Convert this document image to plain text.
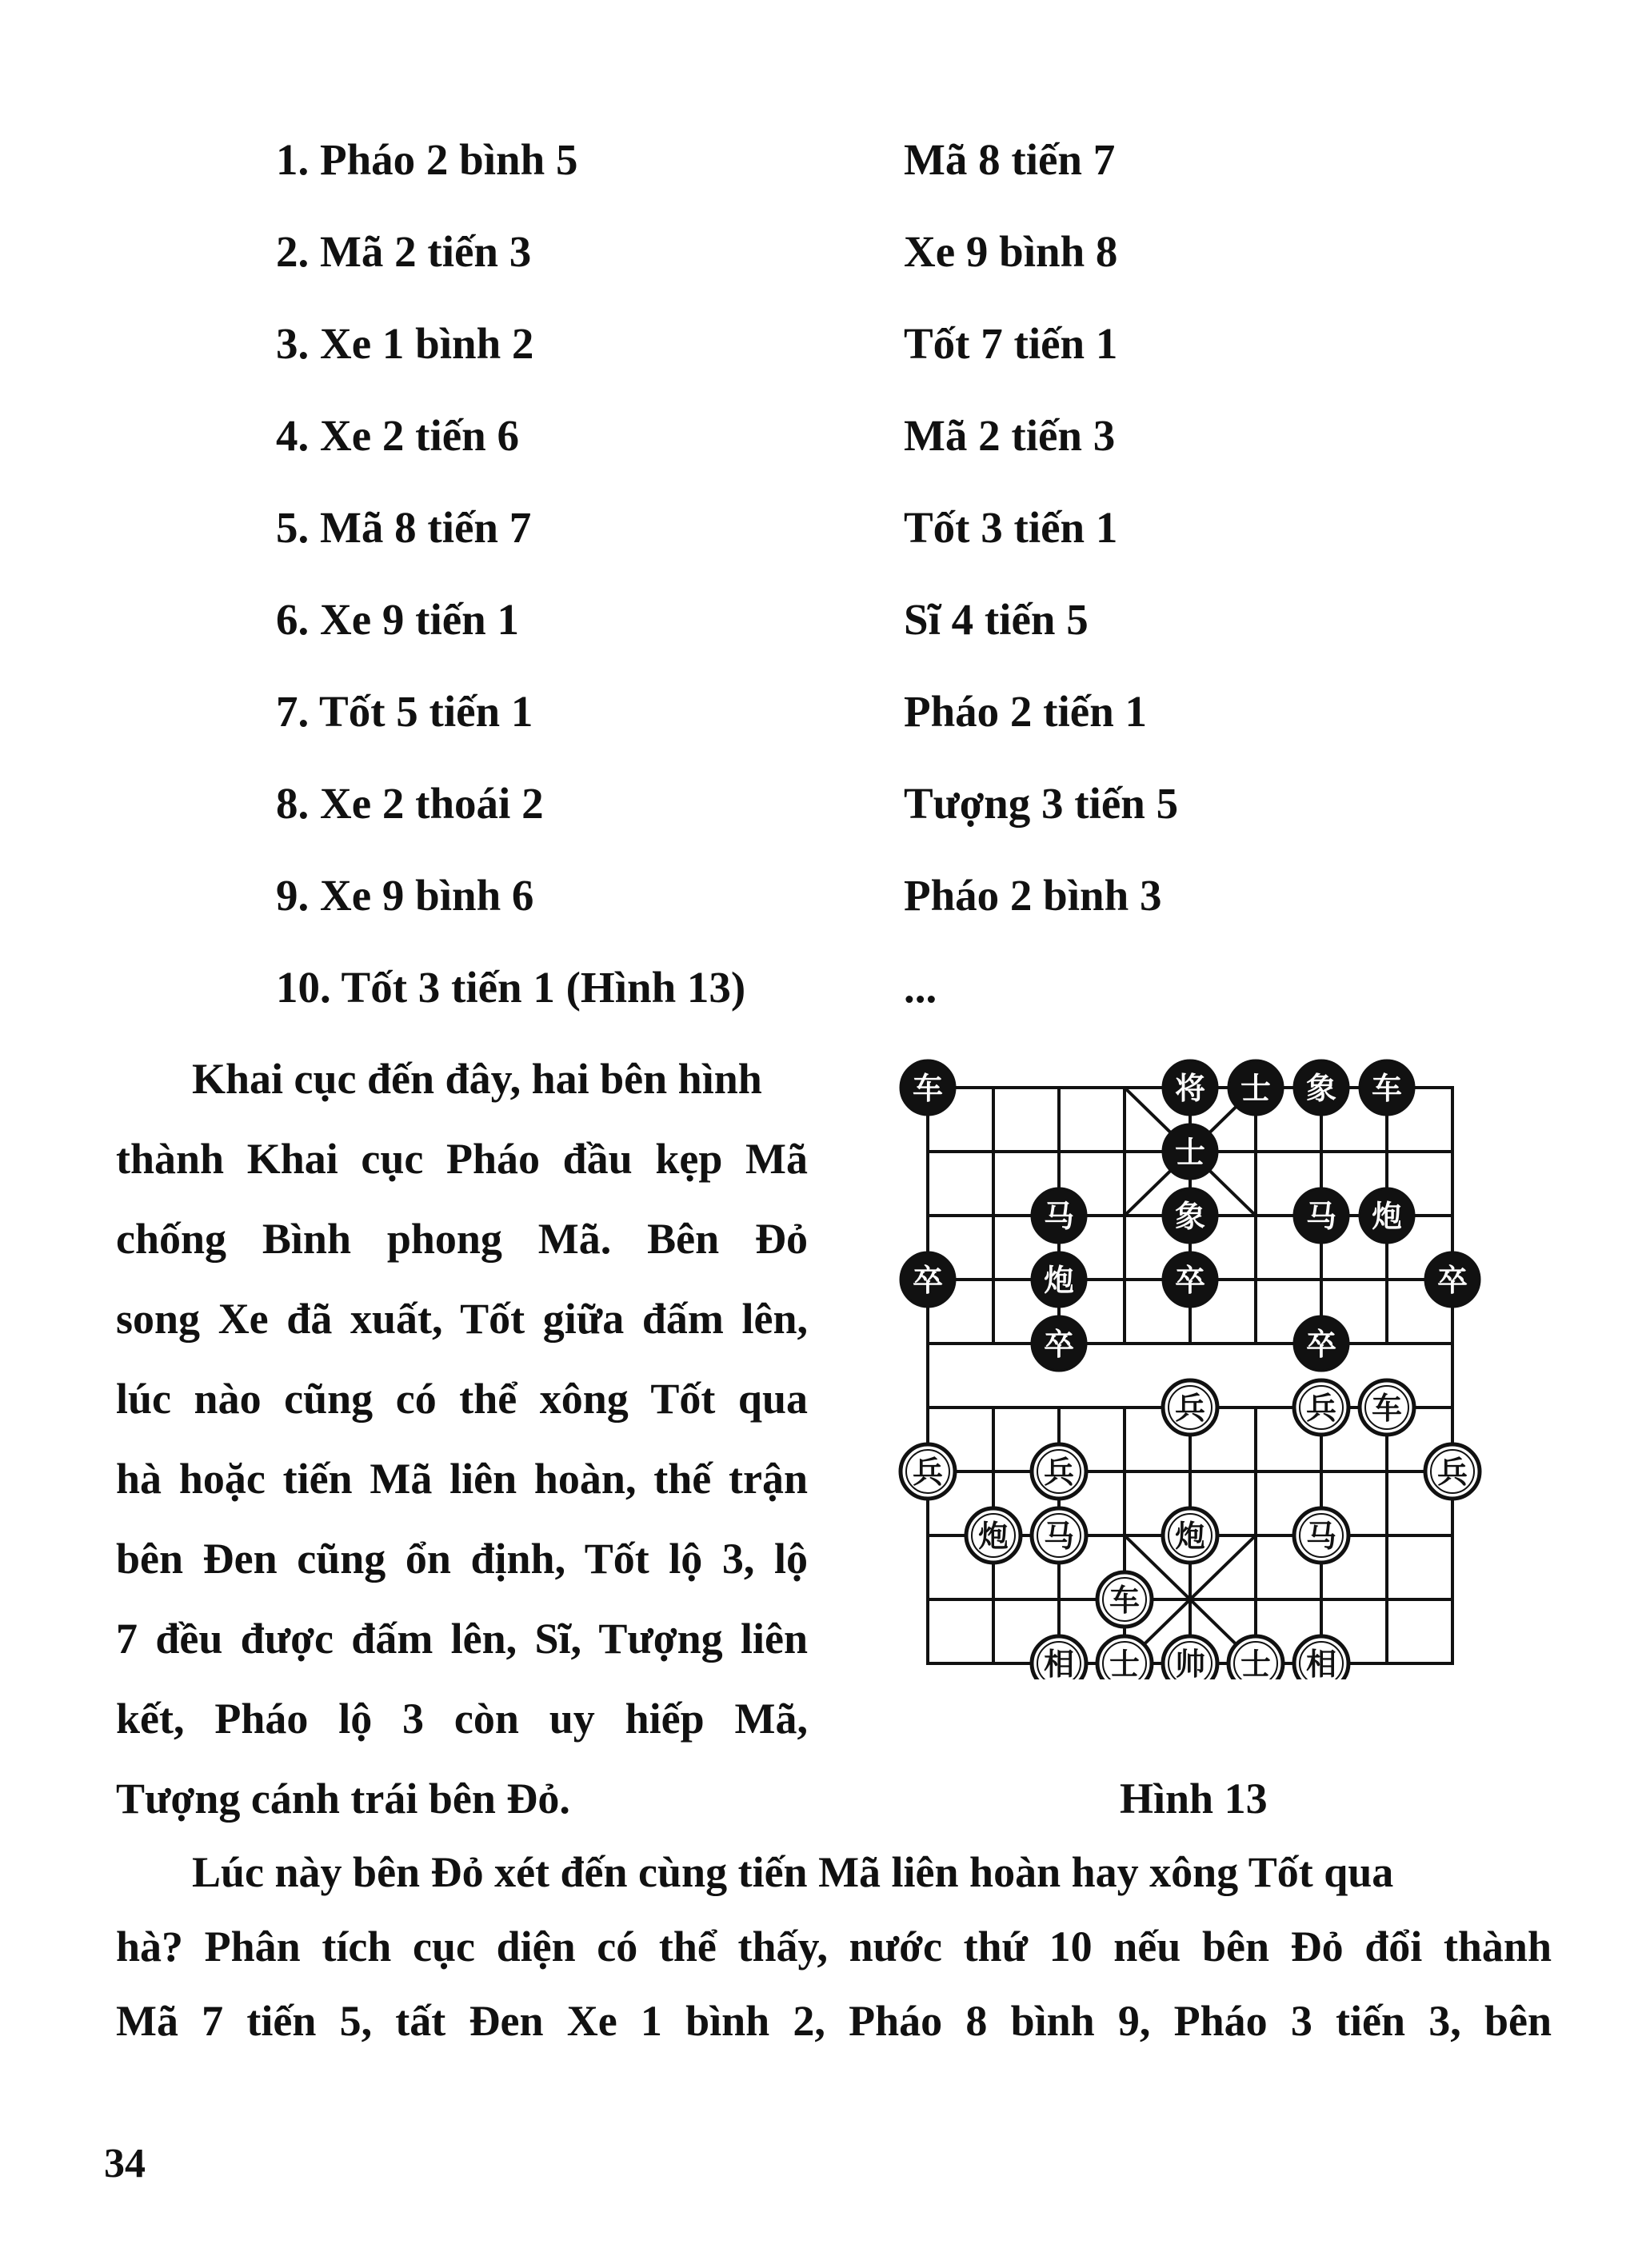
1. Pháo 2 bình 5	Mã 8 tiến 7
2. Mã 2 tiến 3	Xe 9 bình 8
3. Xe 1 bình 2	Tốt 7 tiến 1
4. Xe 2 tiến 6	Mã 2 tiến 3
5. Mã 8 tiến 7	Tốt 3 tiến 1
6. Xe 9 tiến 1	Sĩ 4 tiến 5
7. Tốt 5 tiến 1	Pháo 2 tiến 1
8. Xe 2 thoái 2	Tượng 3 tiến 5
9. Xe 9 bình 6	Pháo 2 bình 3
10. Tốt 3 tiến 1 (Hình 13)	...
Khai cục đến đây, hai bên hình
thành Khai cục Pháo đầu kẹp Mã
chống Bình phong Mã. Bên Đỏ
song Xe đã xuất, Tốt giữa đấm lên,
lúc nào cũng có thể xông Tốt qua
hà hoặc tiến Mã liên hoàn, thế trận
bên Đen cũng ổn định, Tốt lộ 3, lộ
7 đều được đấm lên, Sĩ, Tượng liên
kết, Pháo lộ 3 còn uy hiếp Mã,
Tượng cánh trái bên Đỏ.
车	将 士 象 车
士
马	象	马 炮
卒	炮	卒	卒
卒	卒
兵	兵 车
兵	兵	兵
炮 马	炮	马
车
相 士 帅 士 相
Hình 13
Lúc này bên Đỏ xét đến cùng tiến Mã liên hoàn hay xông Tốt qua
hà? Phân tích cục diện có thể thấy, nước thứ 10 nếu bên Đỏ đổi thành
Mã 7 tiến 5, tất Đen Xe 1 bình 2, Pháo 8 bình 9, Pháo 3 tiến 3, bên
34
